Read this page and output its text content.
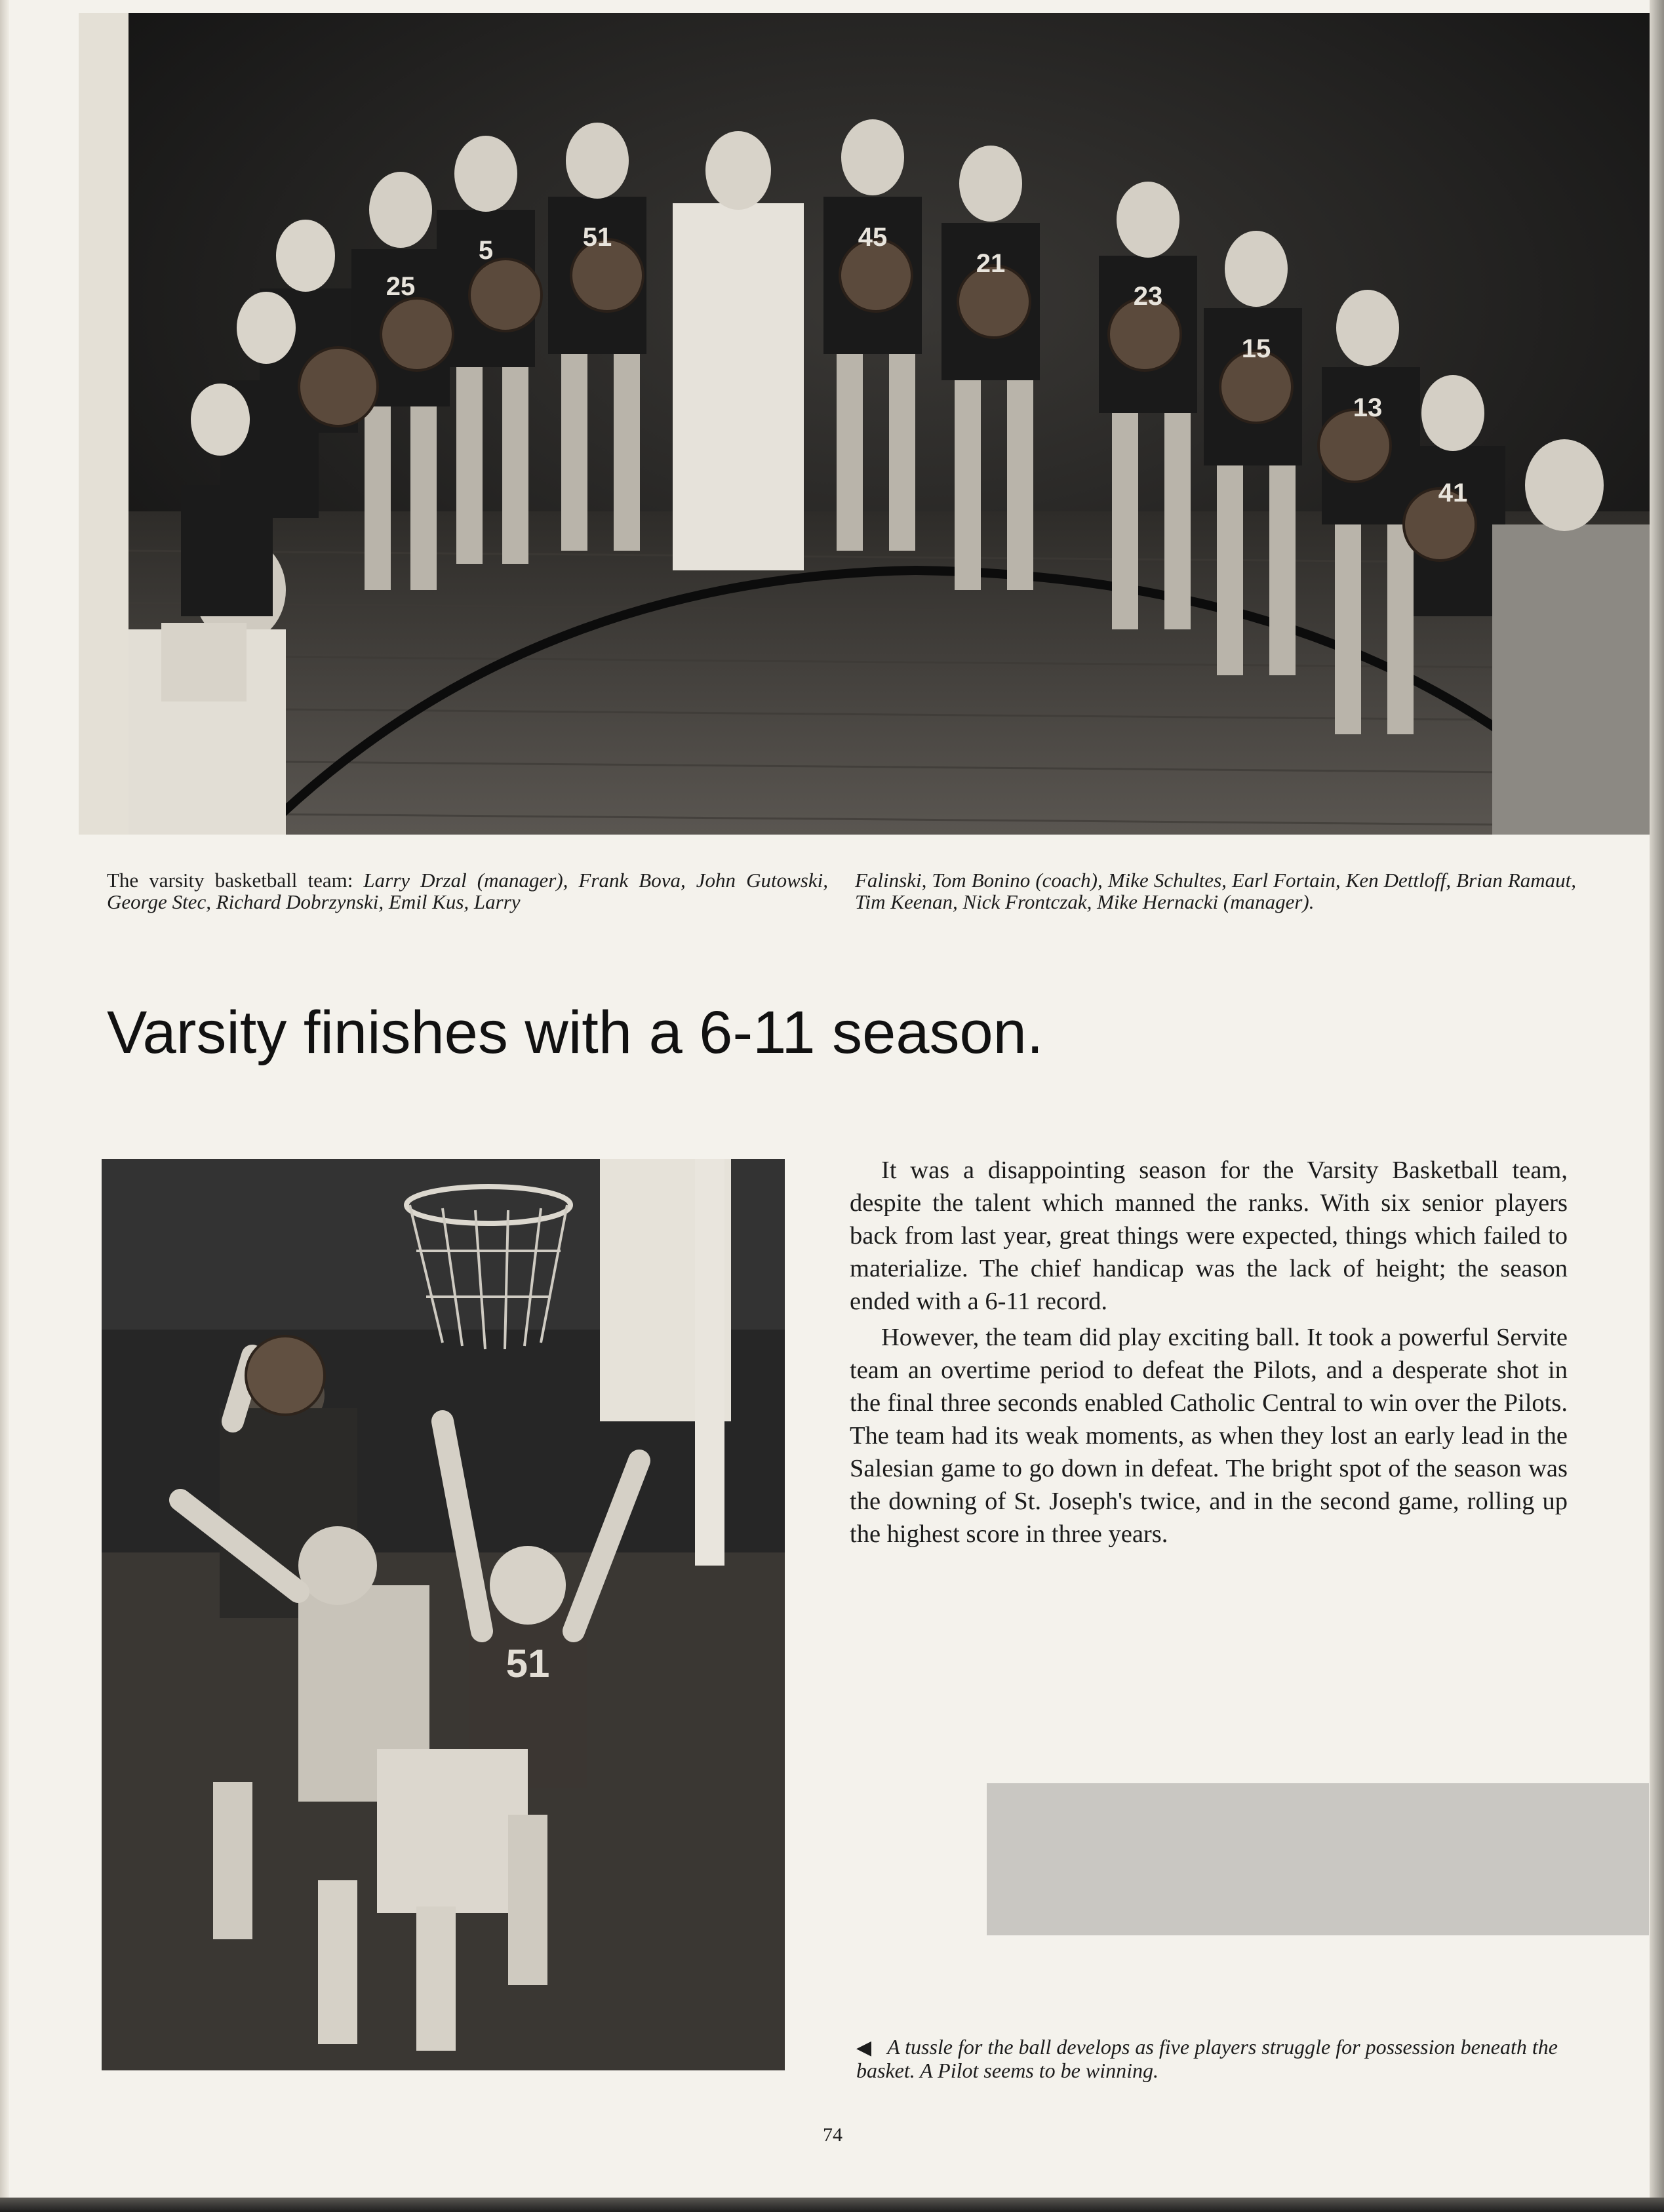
25
5	51	45
21
23
15
13
41
The varsity basketball team: Larry Drzal (manager), Frank Bova, John Gutowski, George Stec, Richard Dobrzynski, Emil Kus, Larry
Falinski, Tom Bonino (coach), Mike Schultes, Earl Fortain, Ken Dettloff, Brian Ramaut, Tim Keenan, Nick Frontczak, Mike Hernacki (manager).
Varsity finishes with a 6-11 season.
51

It was a disappointing season for the Varsity Basketball team, despite the talent which manned the ranks. With six senior players back from last year, great things were expected, things which failed to materialize. The chief handicap was the lack of height; the season ended with a 6-11 record.

However, the team did play exciting ball. It took a powerful Servite team an overtime period to defeat the Pilots, and a desperate shot in the final three seconds enabled Catholic Central to win over the Pilots. The team had its weak moments, as when they lost an early lead in the Salesian game to go down in defeat. The bright spot of the season was the downing of St. Joseph's twice, and in the second game, rolling up the highest score in three years.

◀ A tussle for the ball develops as five players struggle for possession beneath the basket. A Pilot seems to be winning.
74
